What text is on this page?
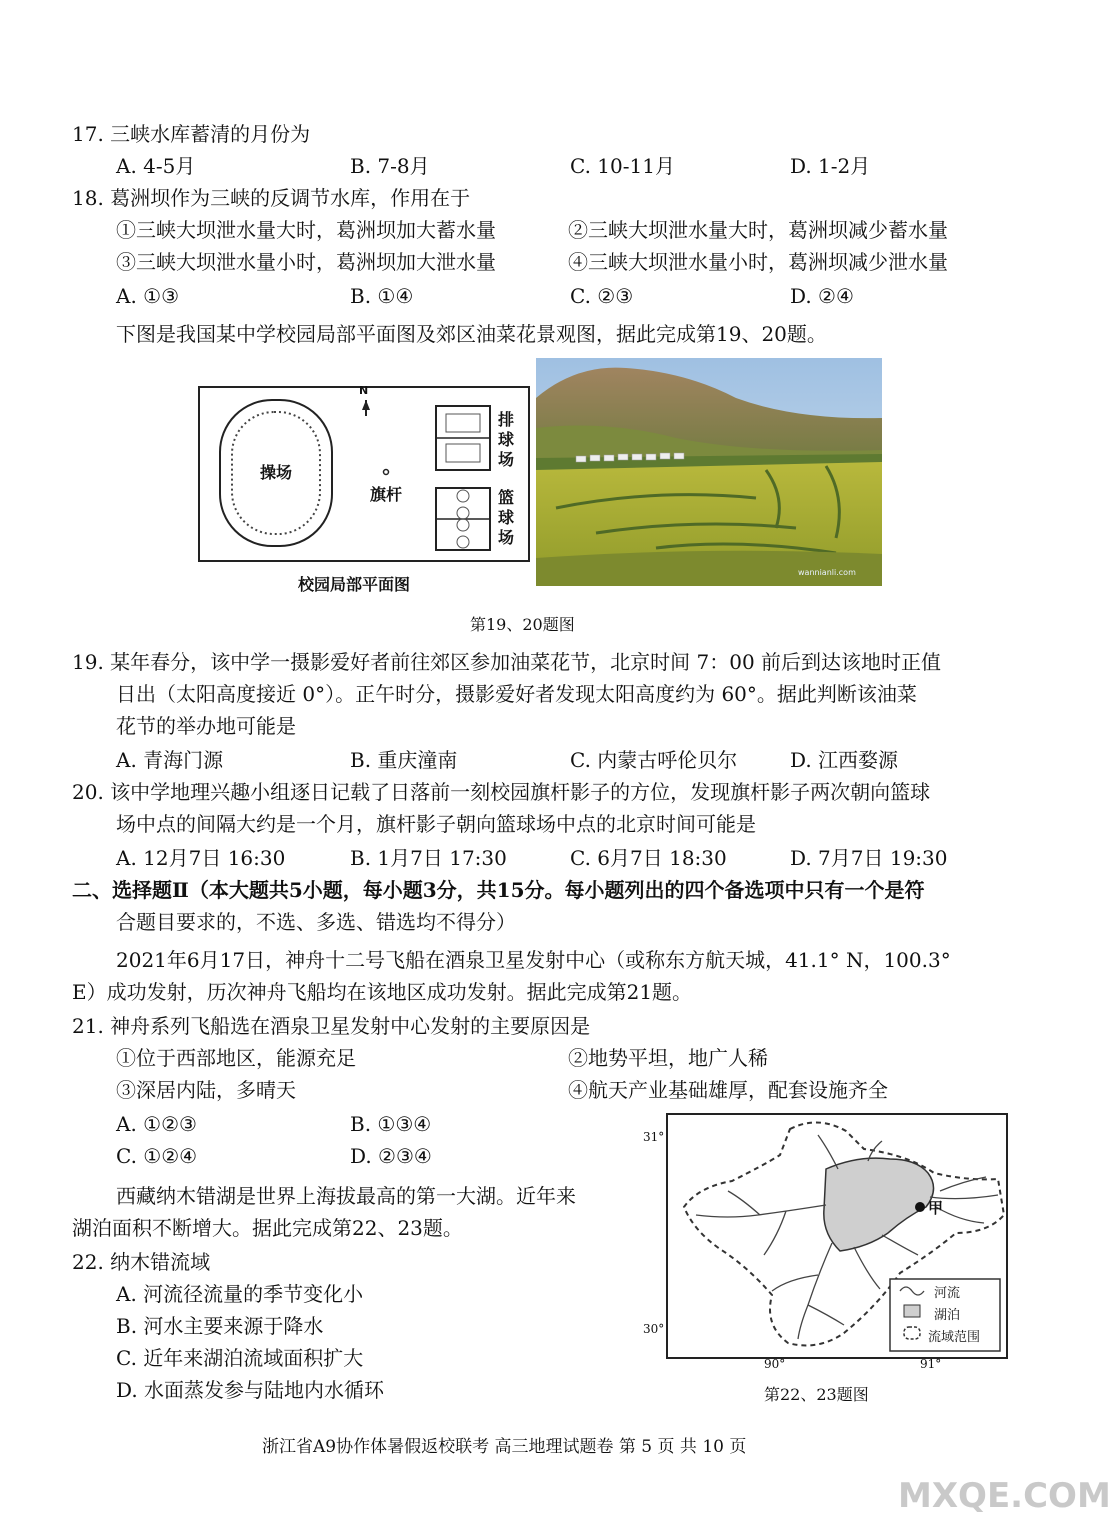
17. 三峡水库蓄清的月份为
A. 4-5月	B. 7-8月	C. 10-11月	D. 1-2月
18. 葛洲坝作为三峡的反调节水库，作用在于
①三峡大坝泄水量大时，葛洲坝加大蓄水量	②三峡大坝泄水量大时，葛洲坝减少蓄水量
③三峡大坝泄水量小时，葛洲坝加大泄水量	④三峡大坝泄水量小时，葛洲坝减少泄水量
A. ①③	B. ①④	C. ②③	D. ②④
下图是我国某中学校园局部平面图及郊区油菜花景观图，据此完成第19、20题。
操场
旗杆
N
排球场
篮球场
校园局部平面图
wannianli.com
第19、20题图
19. 某年春分，该中学一摄影爱好者前往郊区参加油菜花节，北京时间 7：00 前后到达该地时正值
日出（太阳高度接近 0°）。正午时分，摄影爱好者发现太阳高度约为 60°。据此判断该油菜
花节的举办地可能是
A. 青海门源	B. 重庆潼南	C. 内蒙古呼伦贝尔	D. 江西婺源
20. 该中学地理兴趣小组逐日记载了日落前一刻校园旗杆影子的方位，发现旗杆影子两次朝向篮球
场中点的间隔大约是一个月，旗杆影子朝向篮球场中点的北京时间可能是
A. 12月7日 16:30	B. 1月7日 17:30	C. 6月7日 18:30	D. 7月7日 19:30
二、选择题Ⅱ（本大题共5小题，每小题3分，共15分。每小题列出的四个备选项中只有一个是符
合题目要求的，不选、多选、错选均不得分）
2021年6月17日，神舟十二号飞船在酒泉卫星发射中心（或称东方航天城，41.1° N，100.3°
E）成功发射，历次神舟飞船均在该地区成功发射。据此完成第21题。
21. 神舟系列飞船选在酒泉卫星发射中心发射的主要原因是
①位于西部地区，能源充足	②地势平坦，地广人稀
③深居内陆，多晴天	④航天产业基础雄厚，配套设施齐全
A. ①②③	B. ①③④
C. ①②④	D. ②③④
西藏纳木错湖是世界上海拔最高的第一大湖。近年来
湖泊面积不断增大。据此完成第22、23题。
22. 纳木错流域
A. 河流径流量的季节变化小
B. 河水主要来源于降水
C. 近年来湖泊流域面积扩大
D. 水面蒸发参与陆地内水循环
甲
河流
湖泊
流域范围
31°
30°
90°	91°
第22、23题图
浙江省A9协作体暑假返校联考 高三地理试题卷 第 5 页 共 10 页
MXQE.COM
